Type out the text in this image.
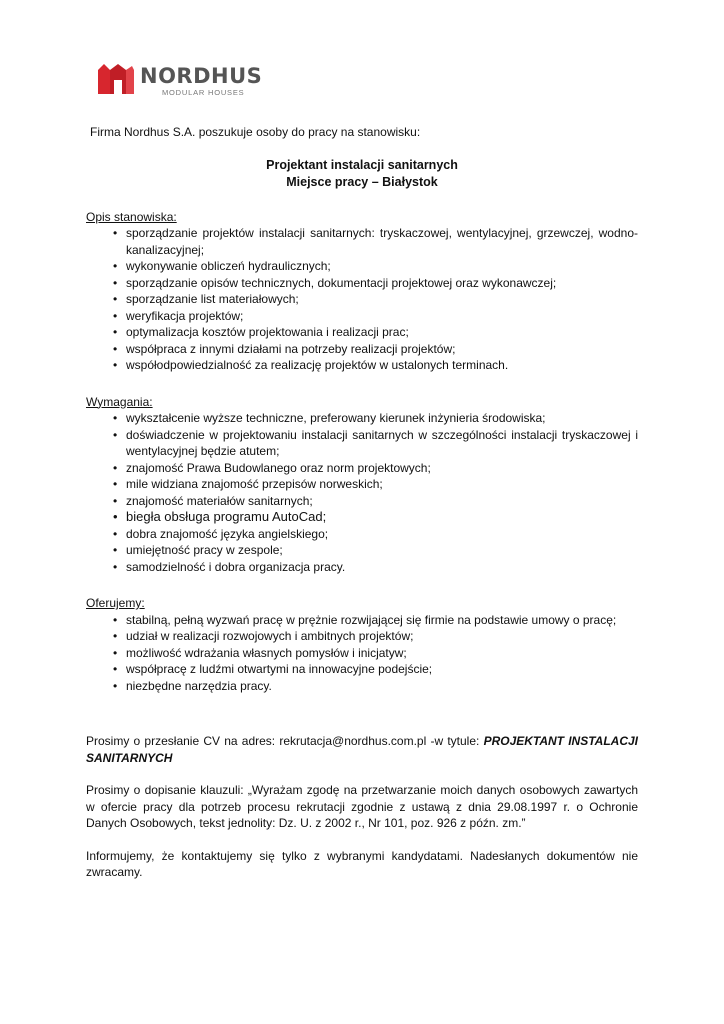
NORDHUS
MODULAR HOUSES

Firma Nordhus S.A. poszukuje osoby do pracy na stanowisku:

Projektant instalacji sanitarnych
Miejsce pracy – Białystok
Opis stanowiska:
• sporządzanie projektów instalacji sanitarnych: tryskaczowej, wentylacyjnej, grzewczej, wodno-kanalizacyjnej;
• wykonywanie obliczeń hydraulicznych;
• sporządzanie opisów technicznych, dokumentacji projektowej oraz wykonawczej;
• sporządzanie list materiałowych;
• weryfikacja projektów;
• optymalizacja kosztów projektowania i realizacji prac;
• współpraca z innymi działami na potrzeby realizacji projektów;
• współodpowiedzialność za realizację projektów w ustalonych terminach.
Wymagania:
• wykształcenie wyższe techniczne, preferowany kierunek inżynieria środowiska;
• doświadczenie w projektowaniu instalacji sanitarnych w szczególności instalacji tryskaczowej i wentylacyjnej będzie atutem;
• znajomość Prawa Budowlanego oraz norm projektowych;
• mile widziana znajomość przepisów norweskich;
• znajomość materiałów sanitarnych;
• biegła obsługa programu AutoCad;
• dobra znajomość języka angielskiego;
• umiejętność pracy w zespole;
• samodzielność i dobra organizacja pracy.
Oferujemy:
• stabilną, pełną wyzwań pracę w prężnie rozwijającej się firmie na podstawie umowy o pracę;
• udział w realizacji rozwojowych i ambitnych projektów;
• możliwość wdrażania własnych pomysłów i inicjatyw;
• współpracę z ludźmi otwartymi na innowacyjne podejście;
• niezbędne narzędzia pracy.

Prosimy o przesłanie CV na adres: rekrutacja@nordhus.com.pl -w tytule: PROJEKTANT INSTALACJI SANITARNYCH

Prosimy o dopisanie klauzuli: „Wyrażam zgodę na przetwarzanie moich danych osobowych zawartych w ofercie pracy dla potrzeb procesu rekrutacji zgodnie z ustawą z dnia 29.08.1997 r. o Ochronie Danych Osobowych, tekst jednolity: Dz. U. z 2002 r., Nr 101, poz. 926 z późn. zm.”

Informujemy, że kontaktujemy się tylko z wybranymi kandydatami. Nadesłanych dokumentów nie zwracamy.
